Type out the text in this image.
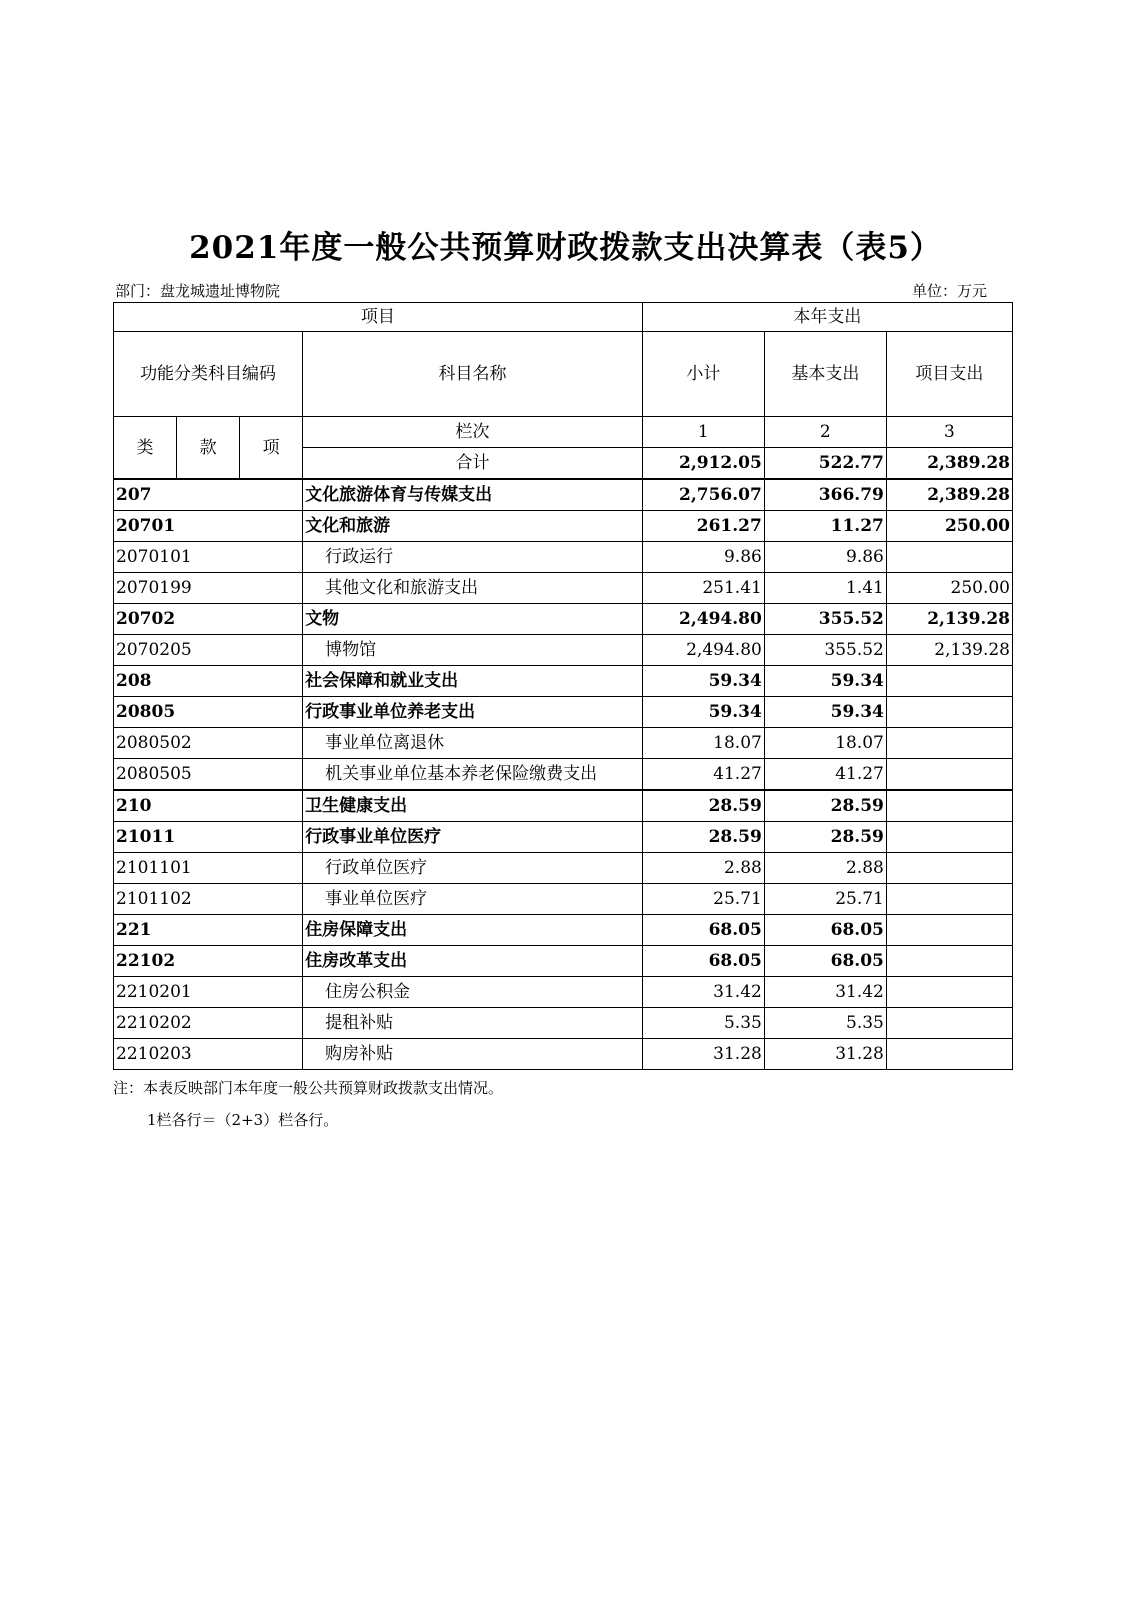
2021年度一般公共预算财政拨款支出决算表（表5）
部门：盘龙城遗址博物院	单位：万元
项目				本年支出		
功能分类科目编码			科目名称	小计	基本支出	项目支出
类	款	项	栏次	1	2	3
			合计	2,912.05	522.77	2,389.28
207			文化旅游体育与传媒支出	2,756.07	366.79	2,389.28
20701			文化和旅游	261.27	11.27	250.00
2070101			行政运行	9.86	9.86	
2070199			其他文化和旅游支出	251.41	1.41	250.00
20702			文物	2,494.80	355.52	2,139.28
2070205			博物馆	2,494.80	355.52	2,139.28
208			社会保障和就业支出	59.34	59.34	
20805			行政事业单位养老支出	59.34	59.34	
2080502			事业单位离退休	18.07	18.07	
2080505			机关事业单位基本养老保险缴费支出	41.27	41.27	
210			卫生健康支出	28.59	28.59	
21011			行政事业单位医疗	28.59	28.59	
2101101			行政单位医疗	2.88	2.88	
2101102			事业单位医疗	25.71	25.71	
221			住房保障支出	68.05	68.05	
22102			住房改革支出	68.05	68.05	
2210201			住房公积金	31.42	31.42	
2210202			提租补贴	5.35	5.35	
2210203			购房补贴	31.28	31.28	
注：本表反映部门本年度一般公共预算财政拨款支出情况。
1栏各行＝（2+3）栏各行。
